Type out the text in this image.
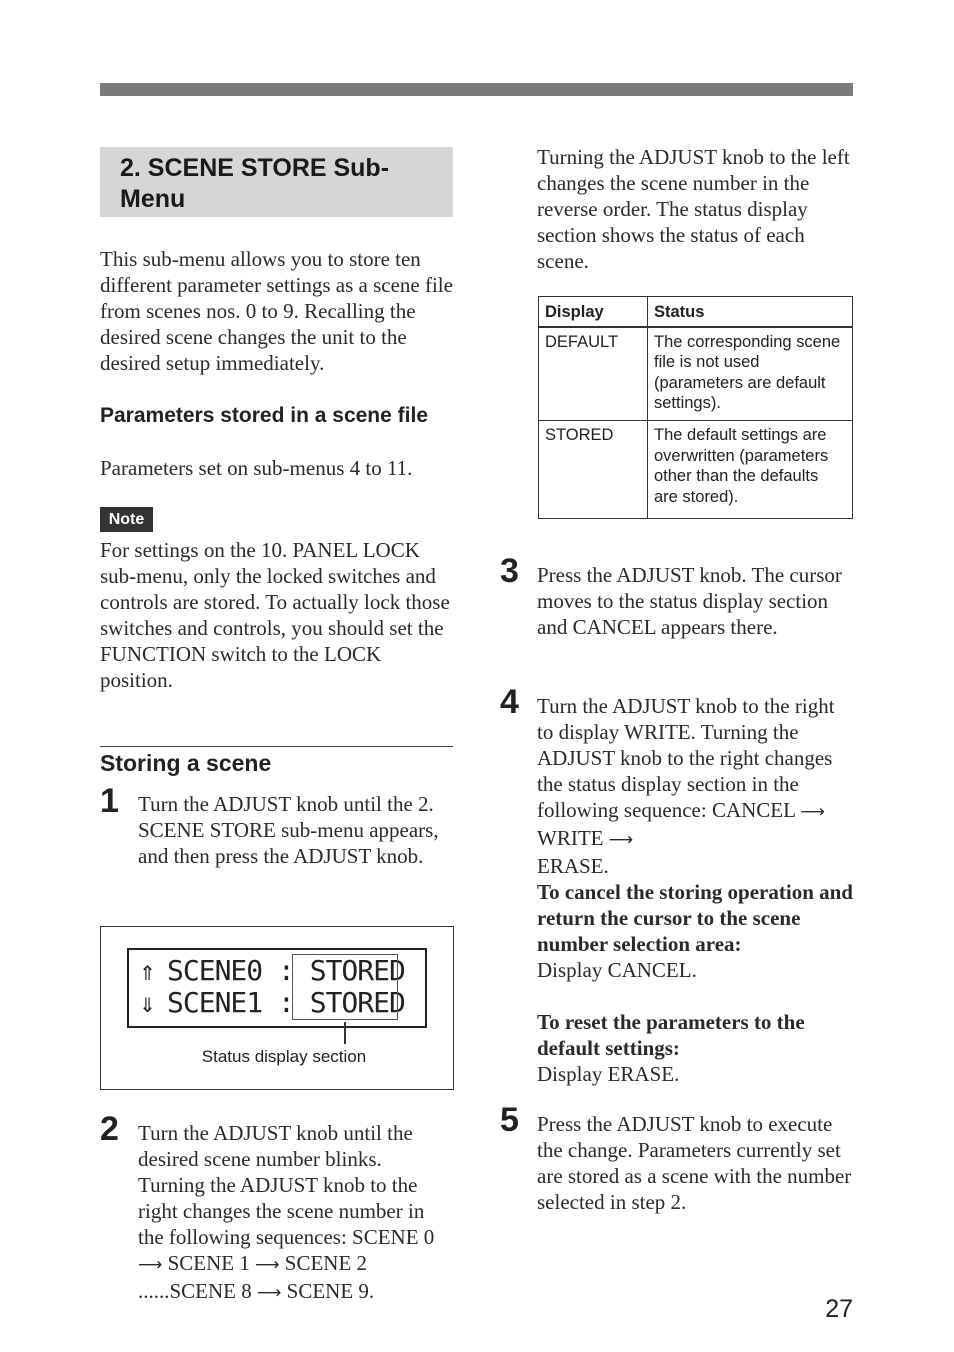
2. SCENE STORE Sub-Menu
This sub-menu allows you to store ten different parameter settings as a scene file from scenes nos. 0 to 9. Recalling the desired scene changes the unit to the desired setup immediately.
Parameters stored in a scene file
Parameters set on sub-menus 4 to 11.
Note
For settings on the 10. PANEL LOCK sub-menu, only the locked switches and controls are stored. To actually lock those switches and controls, you should set the FUNCTION switch to the LOCK position.
Storing a scene
1 Turn the ADJUST knob until the 2. SCENE STORE sub-menu appears, and then press the ADJUST knob.
⇑ SCENE0 : STORED
⇓ SCENE1 : STORED
Status display section
2 Turn the ADJUST knob until the desired scene number blinks. Turning the ADJUST knob to the right changes the scene number in the following sequences: SCENE 0 ⟶ SCENE 1 ⟶ SCENE 2
......SCENE 8 ⟶ SCENE 9.
Turning the ADJUST knob to the left changes the scene number in the reverse order. The status display section shows the status of each scene.
Display	Status
DEFAULT	The corresponding scene file is not used (parameters are default settings).
STORED	The default settings are overwritten (parameters other than the defaults are stored).
3 Press the ADJUST knob. The cursor moves to the status display section and CANCEL appears there.
4 Turn the ADJUST knob to the right to display WRITE. Turning the ADJUST knob to the right changes the status display section in the following sequence: CANCEL ⟶ WRITE ⟶
ERASE.
To cancel the storing operation and return the cursor to the scene number selection area:
Display CANCEL.

To reset the parameters to the default settings:
Display ERASE.
5 Press the ADJUST knob to execute the change. Parameters currently set are stored as a scene with the number selected in step 2.
27
